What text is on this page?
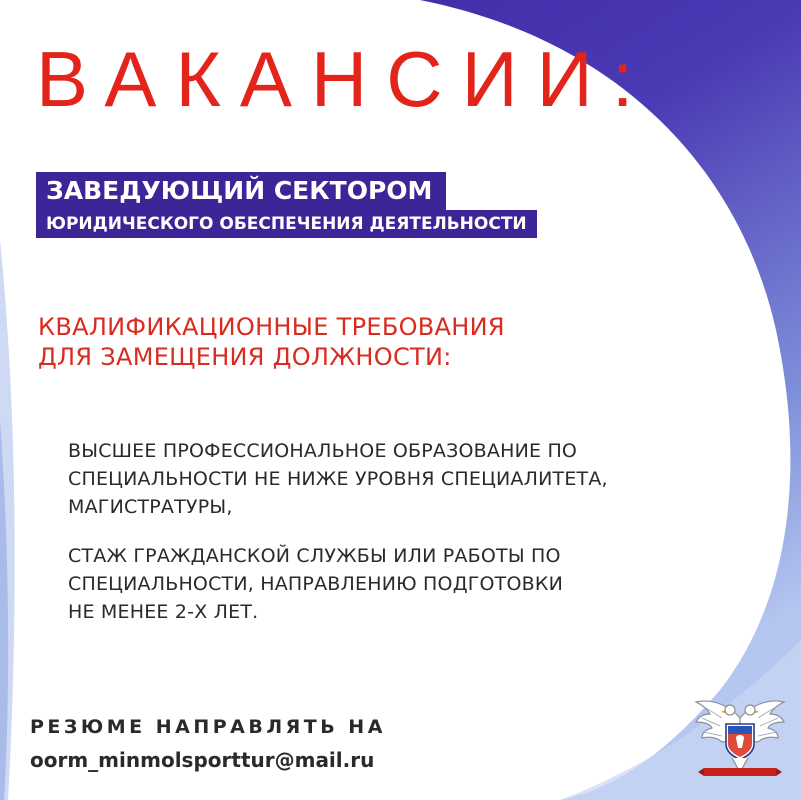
ВАКАНСИИ:
ЗАВЕДУЮЩИЙ СЕКТОРОМ
ЮРИДИЧЕСКОГО ОБЕСПЕЧЕНИЯ ДЕЯТЕЛЬНОСТИ
КВАЛИФИКАЦИОННЫЕ ТРЕБОВАНИЯ
ДЛЯ ЗАМЕЩЕНИЯ ДОЛЖНОСТИ:

ВЫСШЕЕ ПРОФЕССИОНАЛЬНОЕ ОБРАЗОВАНИЕ ПО
СПЕЦИАЛЬНОСТИ НЕ НИЖЕ УРОВНЯ СПЕЦИАЛИТЕТА,
МАГИСТРАТУРЫ,

СТАЖ ГРАЖДАНСКОЙ СЛУЖБЫ ИЛИ РАБОТЫ ПО
СПЕЦИАЛЬНОСТИ, НАПРАВЛЕНИЮ ПОДГОТОВКИ
НЕ МЕНЕЕ 2-Х ЛЕТ.

РЕЗЮМЕ НАПРАВЛЯТЬ НА

oorm_minmolsporttur@mail.ru
